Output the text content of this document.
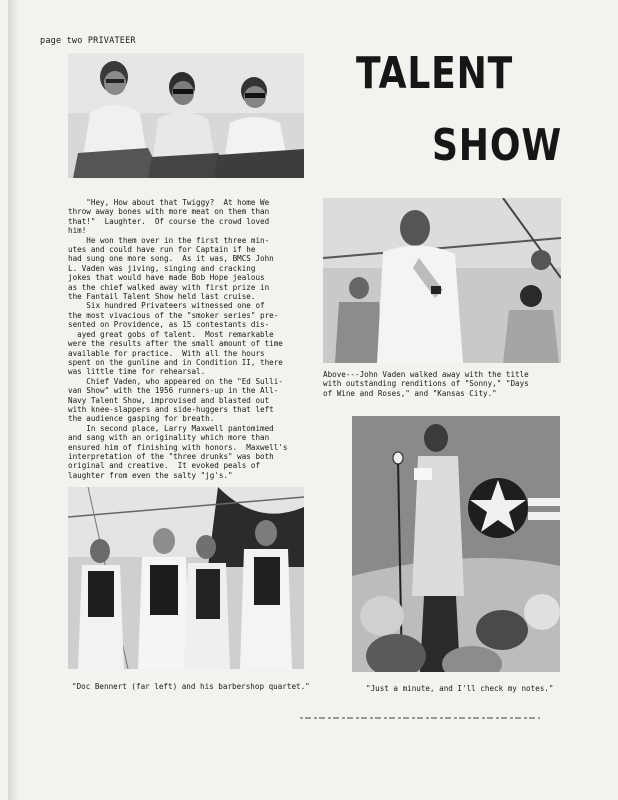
page two PRIVATEER
TALENT
SHOW

"Hey, How about that Twiggy?  At home We
throw away bones with more meat on them than
that!"  Laughter.  Of course the crowd loved
him!
He won them over in the first three min-
utes and could have run for Captain if he
had sung one more song.  As it was, BMCS John
L. Vaden was jiving, singing and cracking
jokes that would have made Bob Hope jealous
as the chief walked away with first prize in
the Fantail Talent Show held last cruise.
Six hundred Privateers witnessed one of
the most vivacious of the "smoker series" pre-
sented on Providence, as 15 contestants dis-
ayed great gobs of talent.  Most remarkable
were the results after the small amount of time
available for practice.  With all the hours
spent on the gunline and in Condition II, there
was little time for rehearsal.
Chief Vaden, who appeared on the "Ed Sulli-
van Show" with the 1956 runners-up in the All-
Navy Talent Show, improvised and blasted out
with knee-slappers and side-huggers that left
the audience gasping for breath.
In second place, Larry Maxwell pantomimed
and sang with an originality which more than
ensured him of finishing with honors.  Maxwell's
interpretation of the "three drunks" was both
original and creative.  It evoked peals of
laughter from even the salty "jg's."

Above---John Vaden walked away with the title
with outstanding renditions of "Sonny," "Days
of Wine and Roses," and "Kansas City."

"Doc Bennert (far left) and his barbershop quartet."	"Just a minute, and I'll check my notes."
